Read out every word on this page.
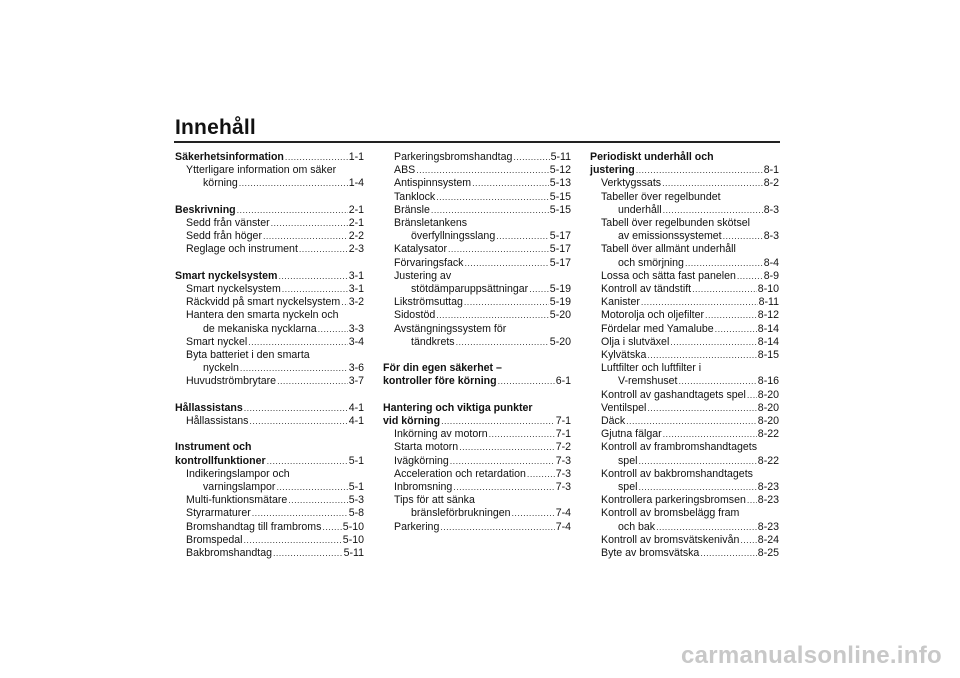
Innehåll
Säkerhetsinformation .....	1-1
Ytterligare information om säker
körning .....	1-4
Beskrivning .....	2-1
Sedd från vänster .....	2-1
Sedd från höger .....	2-2
Reglage och instrument .....	2-3
Smart nyckelsystem .....	3-1
Smart nyckelsystem .....	3-1
Räckvidd på smart nyckelsystem ..... 3-2
Hantera den smarta nyckeln och
de mekaniska nycklarna .....	3-3
Smart nyckel .....	3-4
Byta batteriet i den smarta
nyckeln .....	3-6
Huvudströmbrytare .....	3-7
Hållassistans .....	4-1
Hållassistans .....	4-1
Instrument och
kontrollfunktioner .....	5-1
Indikeringslampor och
varningslampor .....	5-1
Multi-funktionsmätare .....	5-3
Styrarmaturer .....	5-8
Bromshandtag till frambroms ..... 5-10
Bromspedal .....	5-10
Bakbromshandtag .....	5-11
Parkeringsbromshandtag .....	5-11
ABS .....	5-12
Antispinnsystem .....	5-13
Tanklock .....	5-15
Bränsle .....	5-15
Bränsletankens
överfyllningsslang .....	5-17
Katalysator .....	5-17
Förvaringsfack .....	5-17
Justering av
stötdämparuppsättningar ..... 5-19
Likströmsuttag .....	5-19
Sidostöd .....	5-20
Avstängningssystem för
tändkrets .....	5-20
För din egen säkerhet –
kontroller före körning .....	6-1
Hantering och viktiga punkter
vid körning .....	7-1
Inkörning av motorn .....	7-1
Starta motorn .....	7-2
Ivägkörning .....	7-3
Acceleration och retardation .....	7-3
Inbromsning .....	7-3
Tips för att sänka
bränsleförbrukningen .....	7-4
Parkering .....	7-4
Periodiskt underhåll och
justering .....	8-1
Verktygssats .....	8-2
Tabeller över regelbundet
underhåll .....	8-3
Tabell över regelbunden skötsel
av emissionssystemet .....	8-3
Tabell över allmänt underhåll
och smörjning .....	8-4
Lossa och sätta fast panelen .....	8-9
Kontroll av tändstift .....	8-10
Kanister .....	8-11
Motorolja och oljefilter .....	8-12
Fördelar med Yamalube .....	8-14
Olja i slutväxel .....	8-14
Kylvätska .....	8-15
Luftfilter och luftfilter i
V-remshuset .....	8-16
Kontroll av gashandtagets spel ..... 8-20
Ventilspel .....	8-20
Däck .....	8-20
Gjutna fälgar .....	8-22
Kontroll av frambromshandtagets
spel .....	8-22
Kontroll av bakbromshandtagets
spel .....	8-23
Kontrollera parkeringsbromsen ..... 8-23
Kontroll av bromsbelägg fram
och bak .....	8-23
Kontroll av bromsvätskenivån ..... 8-24
Byte av bromsvätska .....	8-25
carmanualsonline.info
